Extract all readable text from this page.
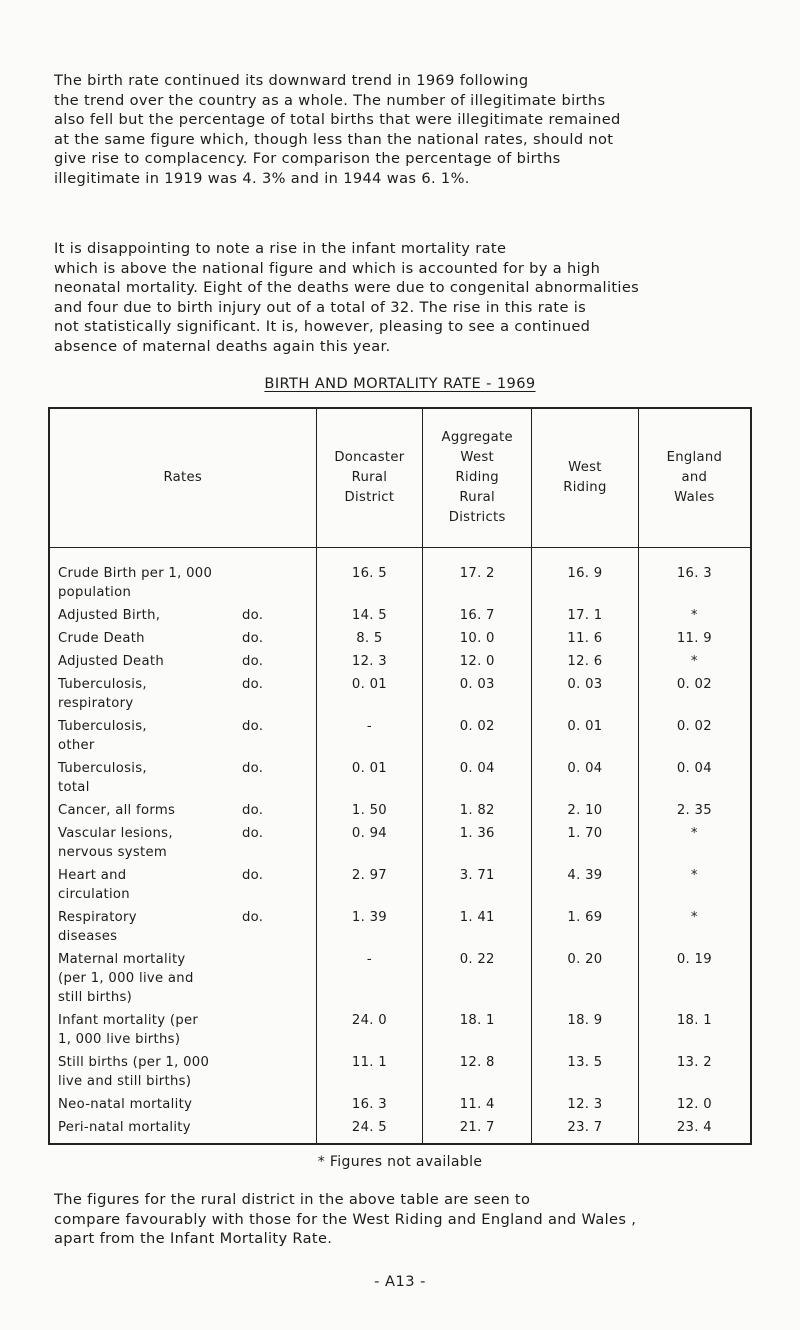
The birth rate continued its downward trend in 1969 following
the trend over the country as a whole. The number of illegitimate births
also fell but the percentage of total births that were illegitimate remained
at the same figure which, though less than the national rates, should not
give rise to complacency. For comparison the percentage of births
illegitimate in 1919 was 4. 3% and in 1944 was 6. 1%.

It is disappointing to note a rise in the infant mortality rate
which is above the national figure and which is accounted for by a high
neonatal mortality. Eight of the deaths were due to congenital abnormalities
and four due to birth injury out of a total of 32. The rise in this rate is
not statistically significant. It is, however, pleasing to see a continued
absence of maternal deaths again this year.

BIRTH AND MORTALITY RATE - 1969
Rates	Doncaster
Rural
District	Aggregate
West
Riding
Rural
Districts	West
Riding	England
and
Wales

Crude Birth per 1, 000
population	16. 5	17. 2	16. 9	16. 3

Adjusted Birth, do.	14. 5	16. 7	17. 1	*

Crude Death do.	8. 5	10. 0	11. 6	11. 9

Adjusted Death do.	12. 3	12. 0	12. 6	*

Tuberculosis, do.
respiratory	0. 01	0. 03	0. 03	0. 02

Tuberculosis, do.
other	-	0. 02	0. 01	0. 02

Tuberculosis, do.
total	0. 01	0. 04	0. 04	0. 04

Cancer, all forms do.	1. 50	1. 82	2. 10	2. 35

Vascular lesions, do.
nervous system	0. 94	1. 36	1. 70	*

Heart and do.
circulation	2. 97	3. 71	4. 39	*

Respiratory do.
diseases	1. 39	1. 41	1. 69	*

Maternal mortality
(per 1, 000 live and
still births)	-	0. 22	0. 20	0. 19

Infant mortality (per
1, 000 live births)	24. 0	18. 1	18. 9	18. 1

Still births (per 1, 000
live and still births)	11. 1	12. 8	13. 5	13. 2

Neo-natal mortality	16. 3	11. 4	12. 3	12. 0

Peri-natal mortality	24. 5	21. 7	23. 7	23. 4
* Figures not available

The figures for the rural district in the above table are seen to
compare favourably with those for the West Riding and England and Wales ,
apart from the Infant Mortality Rate.

- A13 -
